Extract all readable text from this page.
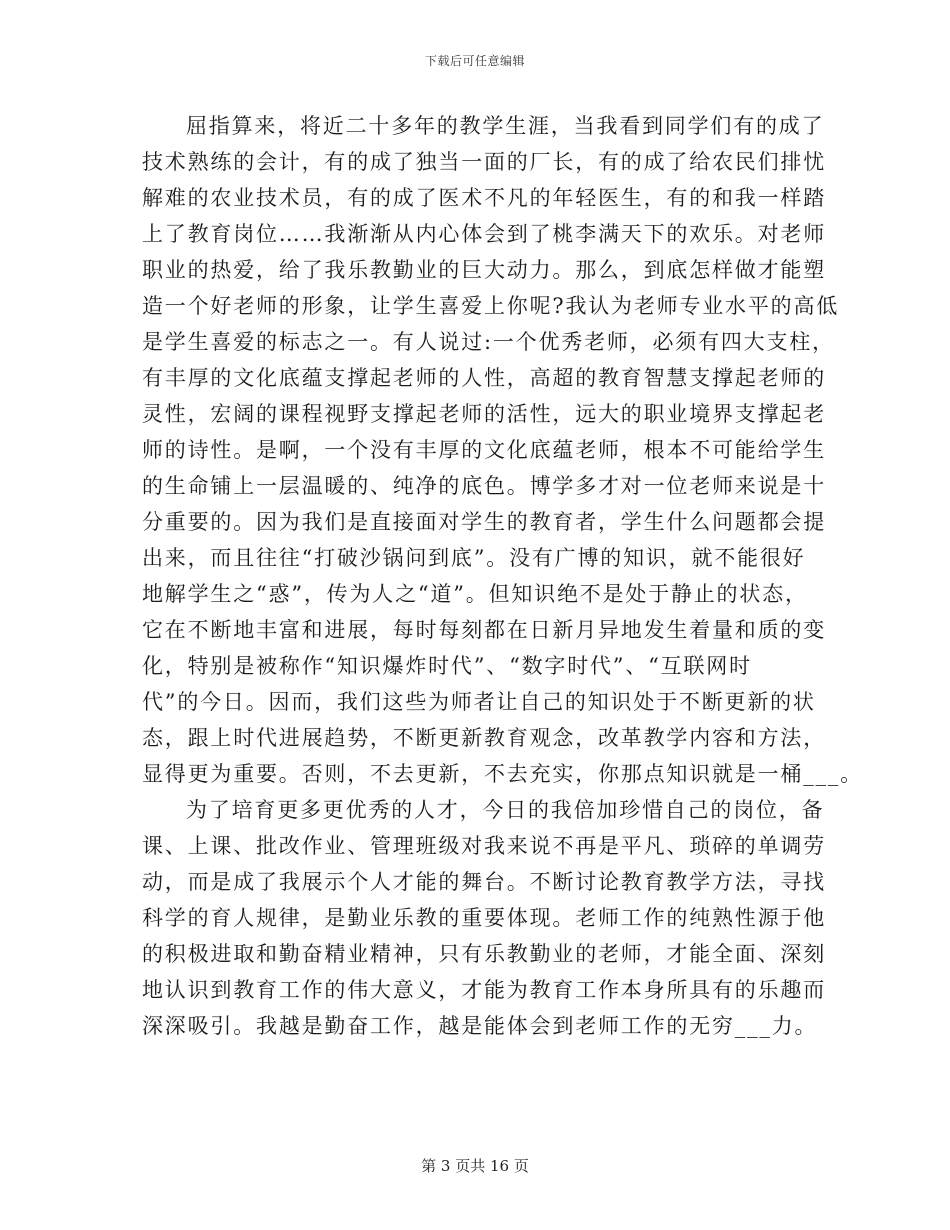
下载后可任意编辑
屈指算来，将近二十多年的教学生涯，当我看到同学们有的成了
技术熟练的会计，有的成了独当一面的厂长，有的成了给农民们排忧
解难的农业技术员，有的成了医术不凡的年轻医生，有的和我一样踏
上了教育岗位……我渐渐从内心体会到了桃李满天下的欢乐。对老师
职业的热爱，给了我乐教勤业的巨大动力。那么，到底怎样做才能塑
造一个好老师的形象，让学生喜爱上你呢?我认为老师专业水平的高低
是学生喜爱的标志之一。有人说过:一个优秀老师，必须有四大支柱，
有丰厚的文化底蕴支撑起老师的人性，高超的教育智慧支撑起老师的
灵性，宏阔的课程视野支撑起老师的活性，远大的职业境界支撑起老
师的诗性。是啊，一个没有丰厚的文化底蕴老师，根本不可能给学生
的生命铺上一层温暖的、纯净的底色。博学多才对一位老师来说是十
分重要的。因为我们是直接面对学生的教育者，学生什么问题都会提
出来，而且往往“打破沙锅问到底”。没有广博的知识，就不能很好
地解学生之“惑”，传为人之“道”。但知识绝不是处于静止的状态，
它在不断地丰富和进展，每时每刻都在日新月异地发生着量和质的变
化，特别是被称作“知识爆炸时代”、“数字时代”、“互联网时
代”的今日。因而，我们这些为师者让自己的知识处于不断更新的状
态，跟上时代进展趋势，不断更新教育观念，改革教学内容和方法，
显得更为重要。否则，不去更新，不去充实，你那点知识就是一桶___。
为了培育更多更优秀的人才，今日的我倍加珍惜自己的岗位，备
课、上课、批改作业、管理班级对我来说不再是平凡、琐碎的单调劳
动，而是成了我展示个人才能的舞台。不断讨论教育教学方法，寻找
科学的育人规律，是勤业乐教的重要体现。老师工作的纯熟性源于他
的积极进取和勤奋精业精神，只有乐教勤业的老师，才能全面、深刻
地认识到教育工作的伟大意义，才能为教育工作本身所具有的乐趣而
深深吸引。我越是勤奋工作，越是能体会到老师工作的无穷___力。
第 3 页共 16 页
